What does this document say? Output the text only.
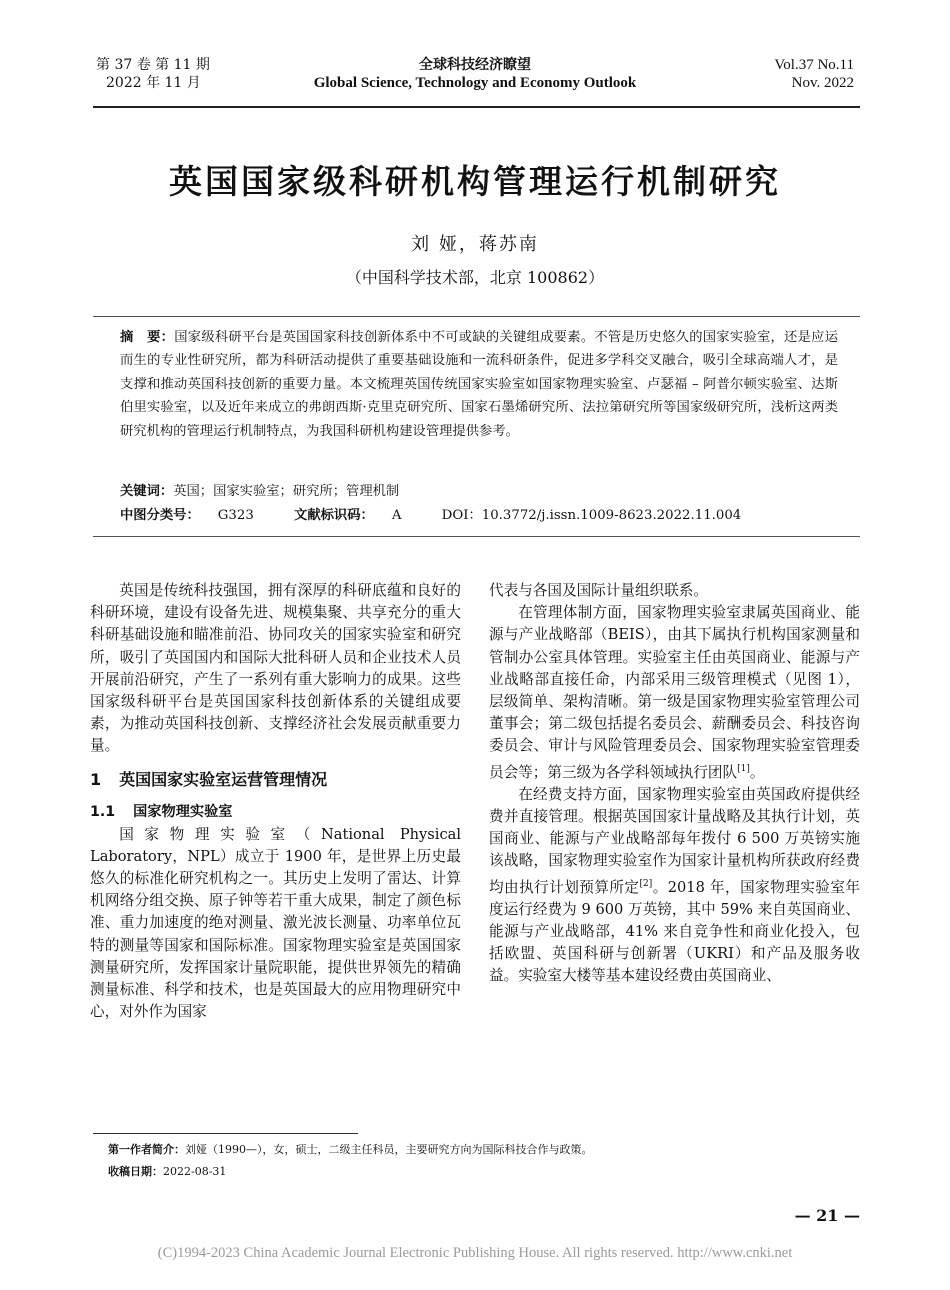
第 37 卷 第 11 期
2022 年 11 月
全球科技经济瞭望
Global Science, Technology and Economy Outlook
Vol.37 No.11
Nov. 2022
英国国家级科研机构管理运行机制研究
刘 娅，蒋苏南
（中国科学技术部，北京 100862）
摘　要：国家级科研平台是英国国家科技创新体系中不可或缺的关键组成要素。不管是历史悠久的国家实验室，还是应运而生的专业性研究所，都为科研活动提供了重要基础设施和一流科研条件，促进多学科交叉融合，吸引全球高端人才，是支撑和推动英国科技创新的重要力量。本文梳理英国传统国家实验室如国家物理实验室、卢瑟福 – 阿普尔顿实验室、达斯伯里实验室，以及近年来成立的弗朗西斯·克里克研究所、国家石墨烯研究所、法拉第研究所等国家级研究所，浅析这两类研究机构的管理运行机制特点，为我国科研机构建设管理提供参考。
关键词：英国；国家实验室；研究所；管理机制
中图分类号： G323	文献标识码： A	DOI：10.3772/j.issn.1009-8623.2022.11.004

英国是传统科技强国，拥有深厚的科研底蕴和良好的科研环境，建设有设备先进、规模集聚、共享充分的重大科研基础设施和瞄准前沿、协同攻关的国家实验室和研究所，吸引了英国国内和国际大批科研人员和企业技术人员开展前沿研究，产生了一系列有重大影响力的成果。这些国家级科研平台是英国国家科技创新体系的关键组成要素，为推动英国科技创新、支撑经济社会发展贡献重要力量。

1 英国国家实验室运营管理情况
1.1 国家物理实验室

国家物理实验室（National Physical Laboratory，NPL）成立于 1900 年，是世界上历史最悠久的标准化研究机构之一。其历史上发明了雷达、计算机网络分组交换、原子钟等若干重大成果，制定了颜色标准、重力加速度的绝对测量、激光波长测量、功率单位瓦特的测量等国家和国际标准。国家物理实验室是英国国家测量研究所，发挥国家计量院职能，提供世界领先的精确测量标准、科学和技术，也是英国最大的应用物理研究中心，对外作为国家

代表与各国及国际计量组织联系。

在管理体制方面，国家物理实验室隶属英国商业、能源与产业战略部（BEIS），由其下属执行机构国家测量和管制办公室具体管理。实验室主任由英国商业、能源与产业战略部直接任命，内部采用三级管理模式（见图 1），层级简单、架构清晰。第一级是国家物理实验室管理公司董事会；第二级包括提名委员会、薪酬委员会、科技咨询委员会、审计与风险管理委员会、国家物理实验室管理委员会等；第三级为各学科领域执行团队[1]。

在经费支持方面，国家物理实验室由英国政府提供经费并直接管理。根据英国国家计量战略及其执行计划，英国商业、能源与产业战略部每年拨付 6 500 万英镑实施该战略，国家物理实验室作为国家计量机构所获政府经费均由执行计划预算所定[2]。2018 年，国家物理实验室年度运行经费为 9 600 万英镑，其中 59% 来自英国商业、能源与产业战略部，41% 来自竞争性和商业化投入，包括欧盟、英国科研与创新署（UKRI）和产品及服务收益。实验室大楼等基本建设经费由英国商业、

第一作者简介：刘娅（1990—），女，硕士，二级主任科员，主要研究方向为国际科技合作与政策。
收稿日期：2022-08-31
— 21 —
(C)1994-2023 China Academic Journal Electronic Publishing House. All rights reserved. http://www.cnki.net
